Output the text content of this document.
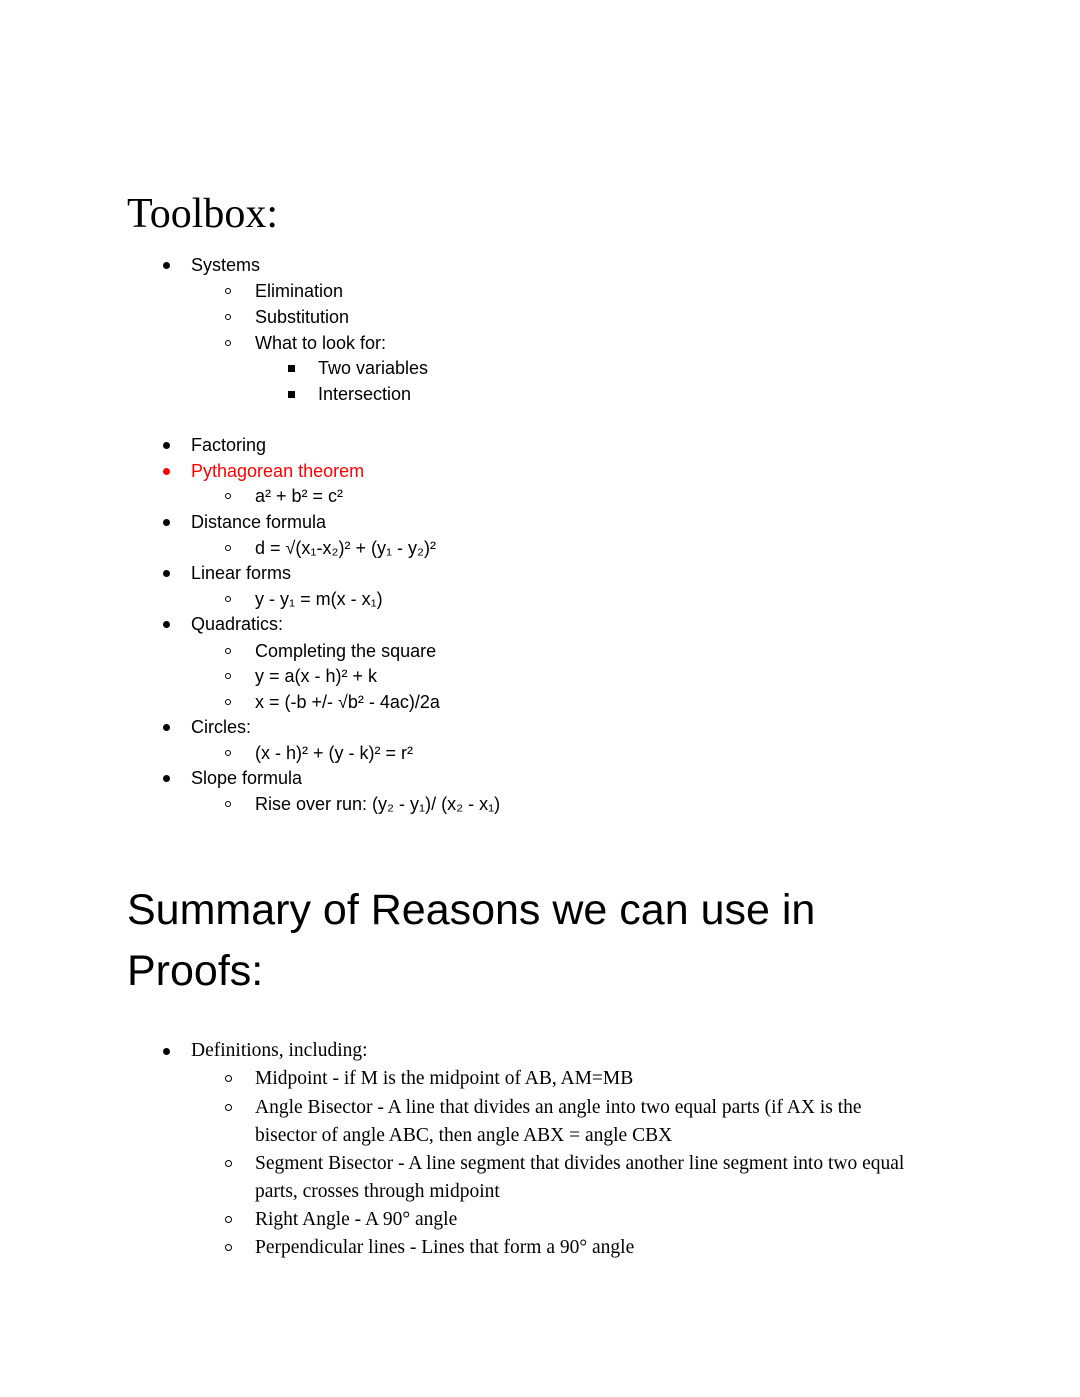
Toolbox:
Systems
Elimination
Substitution
What to look for:
Two variables
Intersection
Factoring
Pythagorean theorem
a² + b² = c²
Distance formula
d = √(x₁-x₂)² + (y₁ - y₂)²
Linear forms
y - y₁ = m(x - x₁)
Quadratics:
Completing the square
y = a(x - h)² + k
x = (-b +/- √b² - 4ac)/2a
Circles:
(x - h)² + (y - k)² = r²
Slope formula
Rise over run: (y₂ - y₁)/ (x₂ - x₁)
Summary of Reasons we can use in Proofs:
Definitions, including:
Midpoint - if M is the midpoint of AB, AM=MB
Angle Bisector - A line that divides an angle into two equal parts (if AX is the bisector of angle ABC, then angle ABX = angle CBX
Segment Bisector - A line segment that divides another line segment into two equal parts, crosses through midpoint
Right Angle - A 90° angle
Perpendicular lines - Lines that form a 90° angle
